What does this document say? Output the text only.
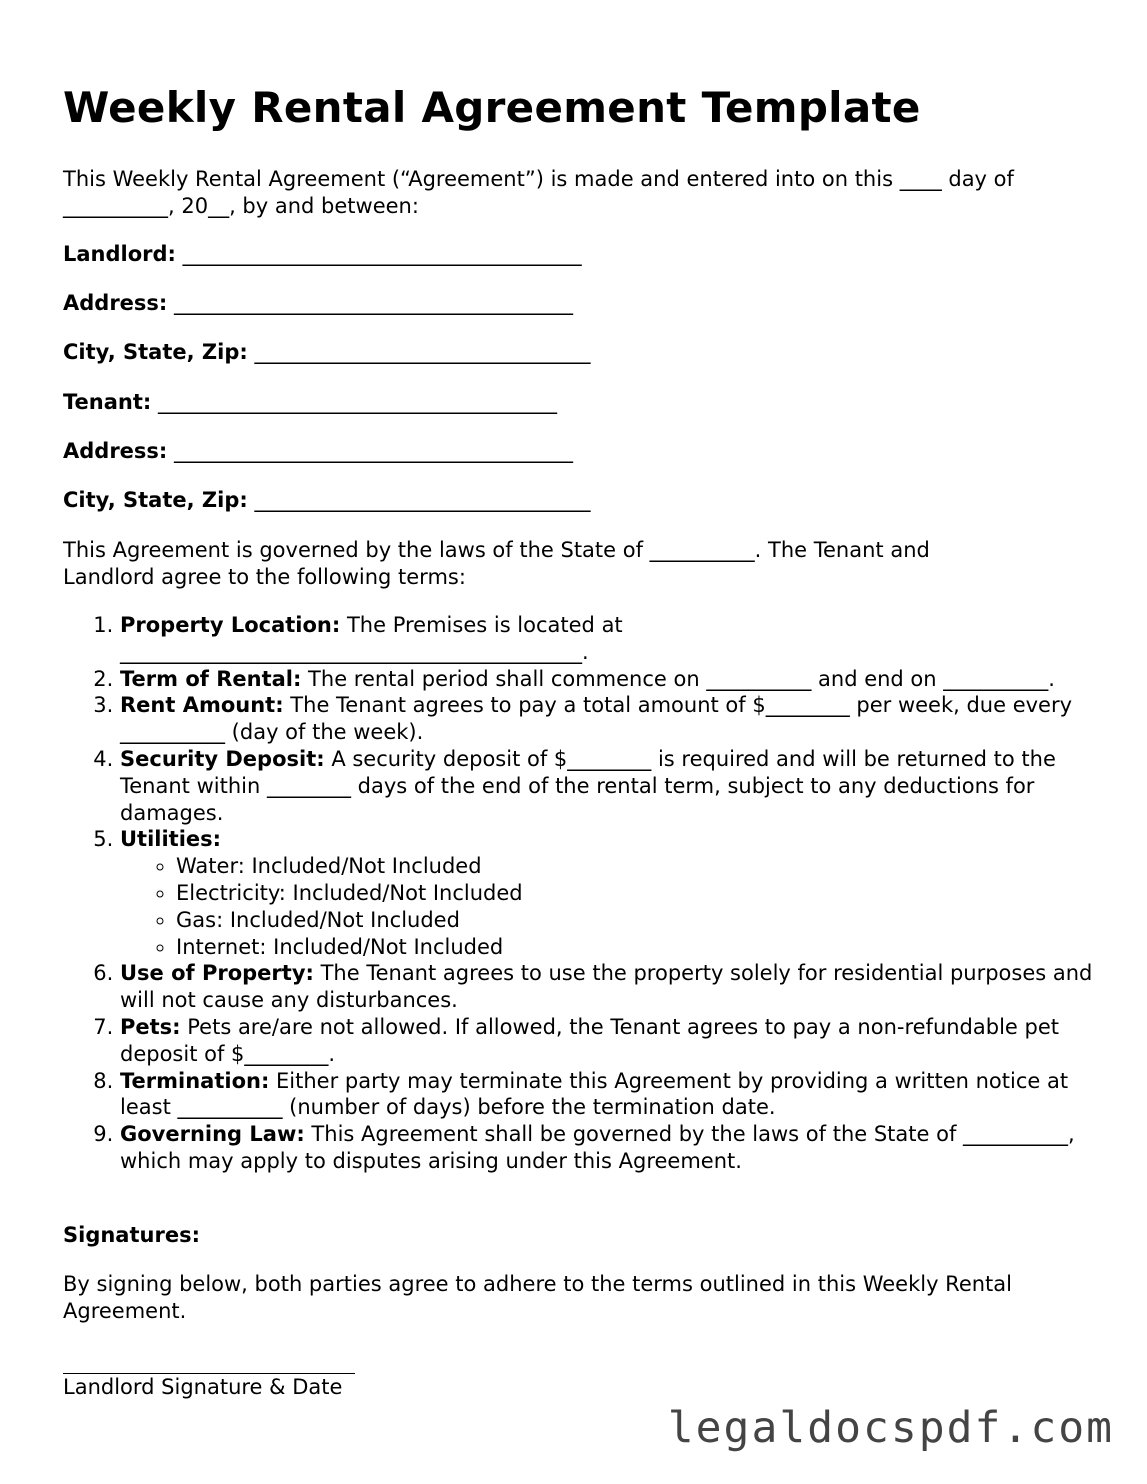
Weekly Rental Agreement Template
This Weekly Rental Agreement (“Agreement”) is made and entered into on this ____ day of __________, 20__, by and between:
Landlord: ______________________________________
Address: ______________________________________
City, State, Zip: ________________________________
Tenant: ______________________________________
Address: ______________________________________
City, State, Zip: ________________________________
This Agreement is governed by the laws of the State of __________. The Tenant and Landlord agree to the following terms:
1. Property Location: The Premises is located at ____________________________________________.
2. Term of Rental: The rental period shall commence on __________ and end on __________.
3. Rent Amount: The Tenant agrees to pay a total amount of $________ per week, due every __________ (day of the week).
4. Security Deposit: A security deposit of $________ is required and will be returned to the Tenant within ________ days of the end of the rental term, subject to any deductions for damages.
5. Utilities:
◦ Water: Included/Not Included
◦ Electricity: Included/Not Included
◦ Gas: Included/Not Included
◦ Internet: Included/Not Included
6. Use of Property: The Tenant agrees to use the property solely for residential purposes and will not cause any disturbances.
7. Pets: Pets are/are not allowed. If allowed, the Tenant agrees to pay a non-refundable pet deposit of $________.
8. Termination: Either party may terminate this Agreement by providing a written notice at least __________ (number of days) before the termination date.
9. Governing Law: This Agreement shall be governed by the laws of the State of __________, which may apply to disputes arising under this Agreement.
Signatures:
By signing below, both parties agree to adhere to the terms outlined in this Weekly Rental Agreement.
Landlord Signature & Date
legaldocspdf.com
